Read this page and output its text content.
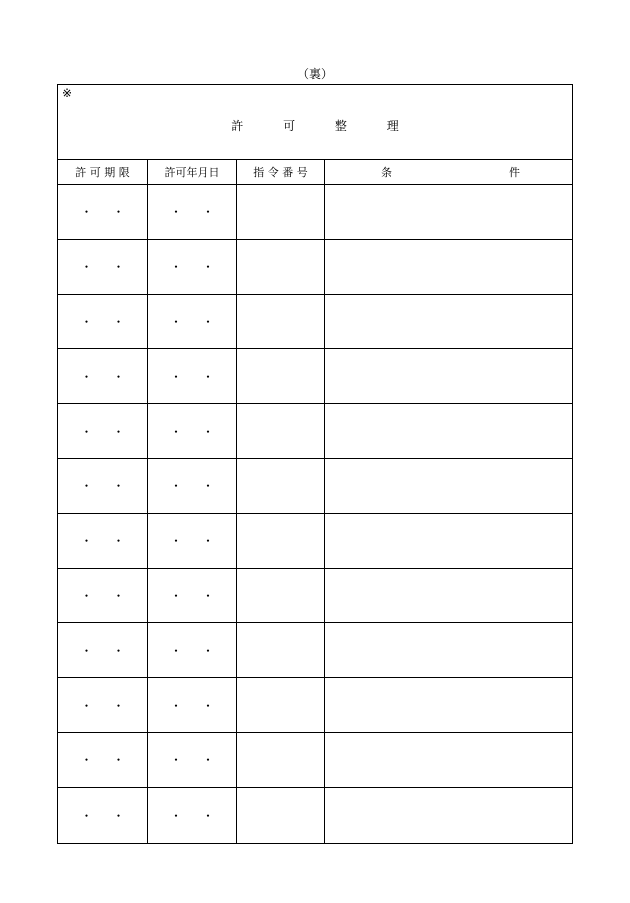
（裏）
※
許	可	整	理
許 可 期 限	許可年月日	指 令 番 号	条	件
・ ・	・ ・
・ ・	・ ・
・ ・	・ ・
・ ・	・ ・
・ ・	・ ・
・ ・	・ ・
・ ・	・ ・
・ ・	・ ・
・ ・	・ ・
・ ・	・ ・
・ ・	・ ・
・ ・	・ ・
